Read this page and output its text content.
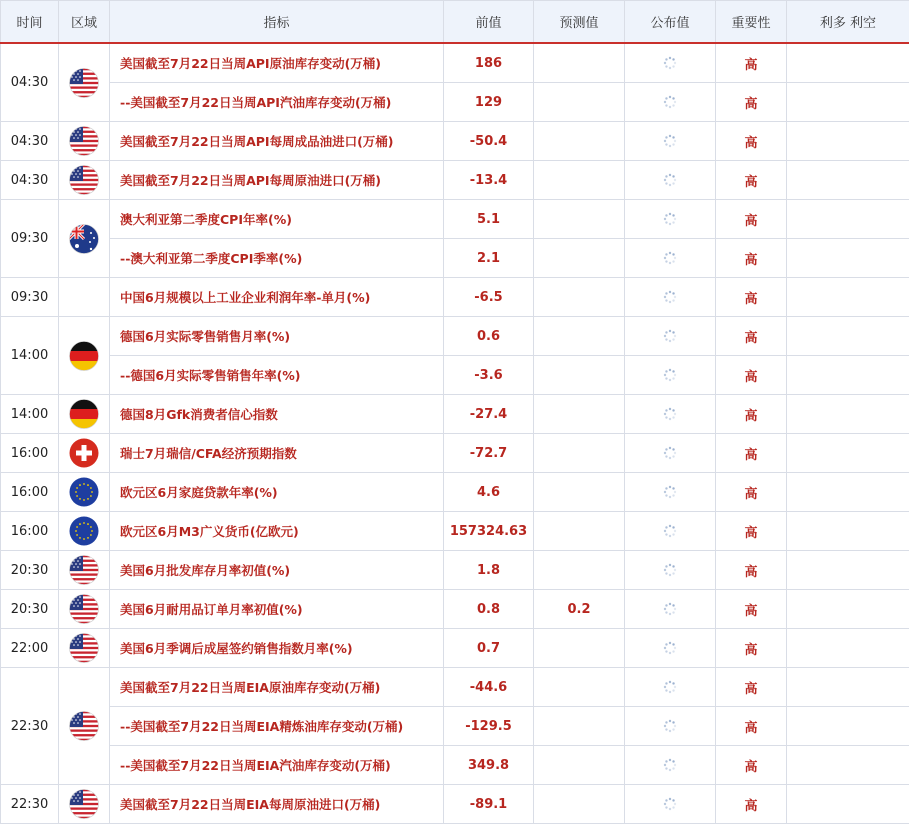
时间	区域	指标	前值	预测值	公布值	重要性	利多 利空
04:30		美国截至7月22日当周API原油库存变动(万桶)	186			高	
		--美国截至7月22日当周API汽油库存变动(万桶)	129			高	
04:30		美国截至7月22日当周API每周成品油进口(万桶)	-50.4			高	
04:30		美国截至7月22日当周API每周原油进口(万桶)	-13.4			高	
09:30		澳大利亚第二季度CPI年率(%)	5.1			高	
		--澳大利亚第二季度CPI季率(%)	2.1			高	
09:30		中国6月规模以上工业企业利润年率-单月(%)	-6.5			高	
14:00		德国6月实际零售销售月率(%)	0.6			高	
		--德国6月实际零售销售年率(%)	-3.6			高	
14:00		德国8月Gfk消费者信心指数	-27.4			高	
16:00		瑞士7月瑞信/CFA经济预期指数	-72.7			高	
16:00		欧元区6月家庭贷款年率(%)	4.6			高	
16:00		欧元区6月M3广义货币(亿欧元)	157324.63			高	
20:30		美国6月批发库存月率初值(%)	1.8			高	
20:30		美国6月耐用品订单月率初值(%)	0.8	0.2		高	
22:00		美国6月季调后成屋签约销售指数月率(%)	0.7			高	
22:30		美国截至7月22日当周EIA原油库存变动(万桶)	-44.6			高	
		--美国截至7月22日当周EIA精炼油库存变动(万桶)	-129.5			高	
		--美国截至7月22日当周EIA汽油库存变动(万桶)	349.8			高	
22:30		美国截至7月22日当周EIA每周原油进口(万桶)	-89.1			高	
